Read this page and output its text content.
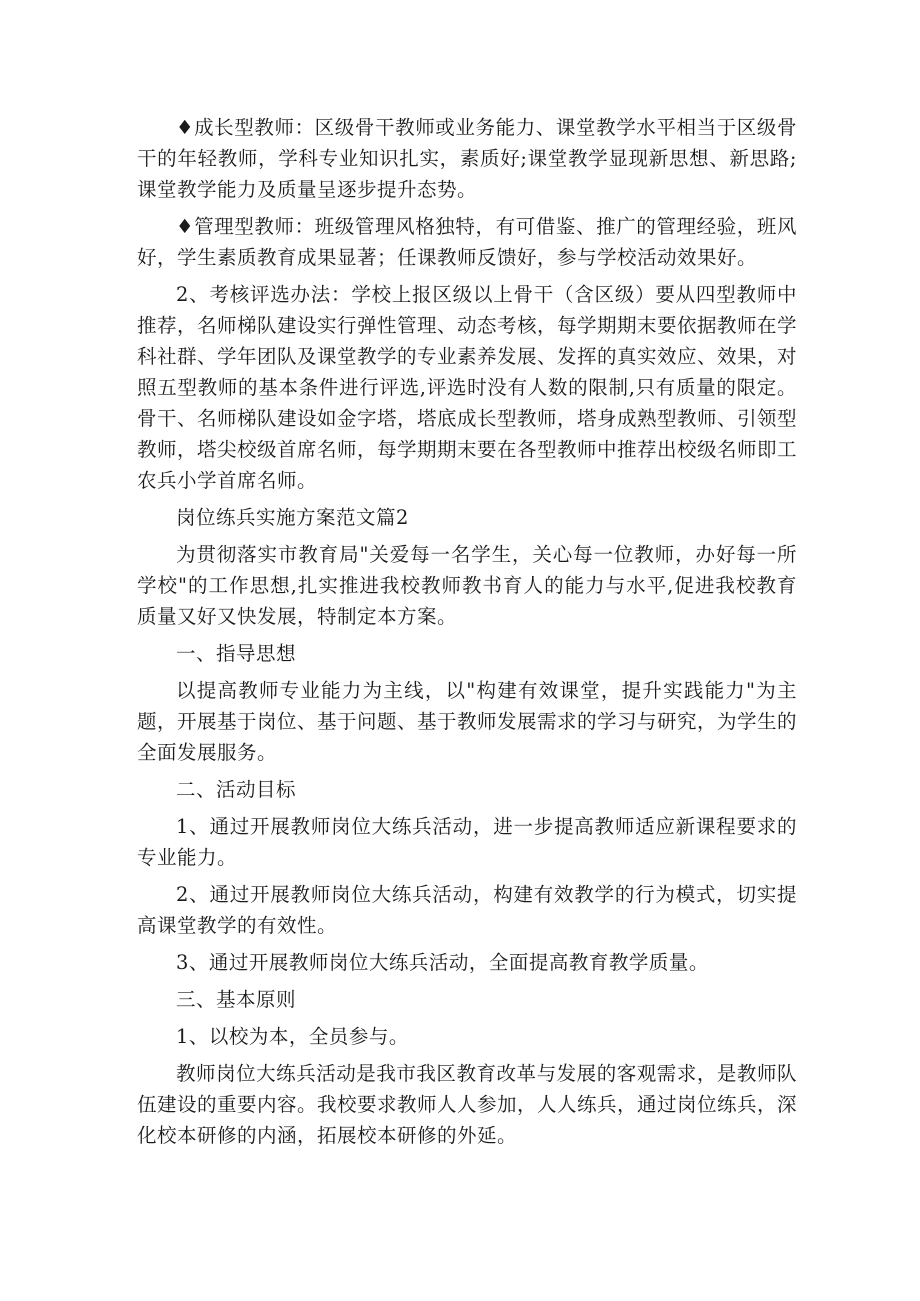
♦成长型教师：区级骨干教师或业务能力、课堂教学水平相当于区级骨干的年轻教师，学科专业知识扎实，素质好;课堂教学显现新思想、新思路;课堂教学能力及质量呈逐步提升态势。

♦管理型教师：班级管理风格独特，有可借鉴、推广的管理经验，班风好，学生素质教育成果显著；任课教师反馈好，参与学校活动效果好。

2、考核评选办法：学校上报区级以上骨干（含区级）要从四型教师中推荐，名师梯队建设实行弹性管理、动态考核，每学期期末要依据教师在学科社群、学年团队及课堂教学的专业素养发展、发挥的真实效应、效果，对照五型教师的基本条件进行评选,评选时没有人数的限制,只有质量的限定。骨干、名师梯队建设如金字塔，塔底成长型教师，塔身成熟型教师、引领型教师，塔尖校级首席名师，每学期期末要在各型教师中推荐出校级名师即工农兵小学首席名师。

岗位练兵实施方案范文篇2

为贯彻落实市教育局"关爱每一名学生，关心每一位教师，办好每一所学校"的工作思想,扎实推进我校教师教书育人的能力与水平,促进我校教育质量又好又快发展，特制定本方案。

一、指导思想

以提高教师专业能力为主线，以"构建有效课堂，提升实践能力"为主题，开展基于岗位、基于问题、基于教师发展需求的学习与研究，为学生的全面发展服务。

二、活动目标

1、通过开展教师岗位大练兵活动，进一步提高教师适应新课程要求的专业能力。

2、通过开展教师岗位大练兵活动，构建有效教学的行为模式，切实提高课堂教学的有效性。

3、通过开展教师岗位大练兵活动，全面提高教育教学质量。

三、基本原则

1、以校为本，全员参与。

教师岗位大练兵活动是我市我区教育改革与发展的客观需求，是教师队伍建设的重要内容。我校要求教师人人参加，人人练兵，通过岗位练兵，深化校本研修的内涵，拓展校本研修的外延。
